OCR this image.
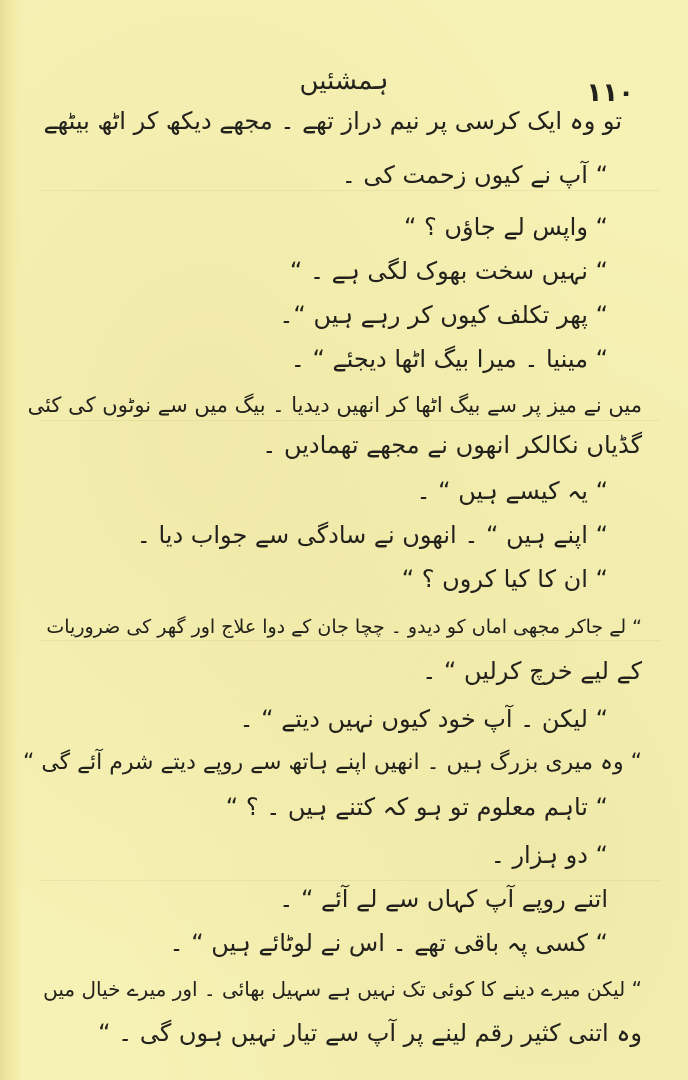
ہمشئیں	۱۱۰
تو وہ ایک کرسی پر نیم دراز تھے ۔ مجھے دیکھ کر اٹھ بیٹھے
“ آپ نے کیوں زحمت کی ۔
“ واپس لے جاؤں ؟ “
“ نہیں سخت بھوک لگی ہے ۔ “
“ پھر تکلف کیوں کر رہے ہیں “۔
“ مینیا ۔ میرا بیگ اٹھا دیجئے “ ۔
میں نے میز پر سے بیگ اٹھا کر انھیں دیدیا ۔ بیگ میں سے نوٹوں کی کئی
گڈیاں نکالکر انھوں نے مجھے تھمادیں ۔
“ یہ کیسے ہیں “ ۔
“ اپنے ہیں “ ۔ انھوں نے سادگی سے جواب دیا ۔
“ ان کا کیا کروں ؟ “
“ لے جاکر مجھی اماں کو دیدو ۔ چچا جان کے دوا علاج اور گھر کی ضروریات
کے لیے خرچ کرلیں “ ۔
“ لیکن ۔ آپ خود کیوں نہیں دیتے “ ۔
“ وہ میری بزرگ ہیں ۔ انھیں اپنے ہاتھ سے روپے دیتے شرم آئے گی “
“ تاہم معلوم تو ہو کہ کتنے ہیں ۔ ؟ “
“ دو ہزار ۔
اتنے روپے آپ کہاں سے لے آئے “ ۔
“ کسی پہ باقی تھے ۔ اس نے لوٹائے ہیں “ ۔
“ لیکن میرے دینے کا کوئی تک نہیں ہے سہیل بھائی ۔ اور میرے خیال میں
وہ اتنی کثیر رقم لینے پر آپ سے تیار نہیں ہوں گی ۔ “
